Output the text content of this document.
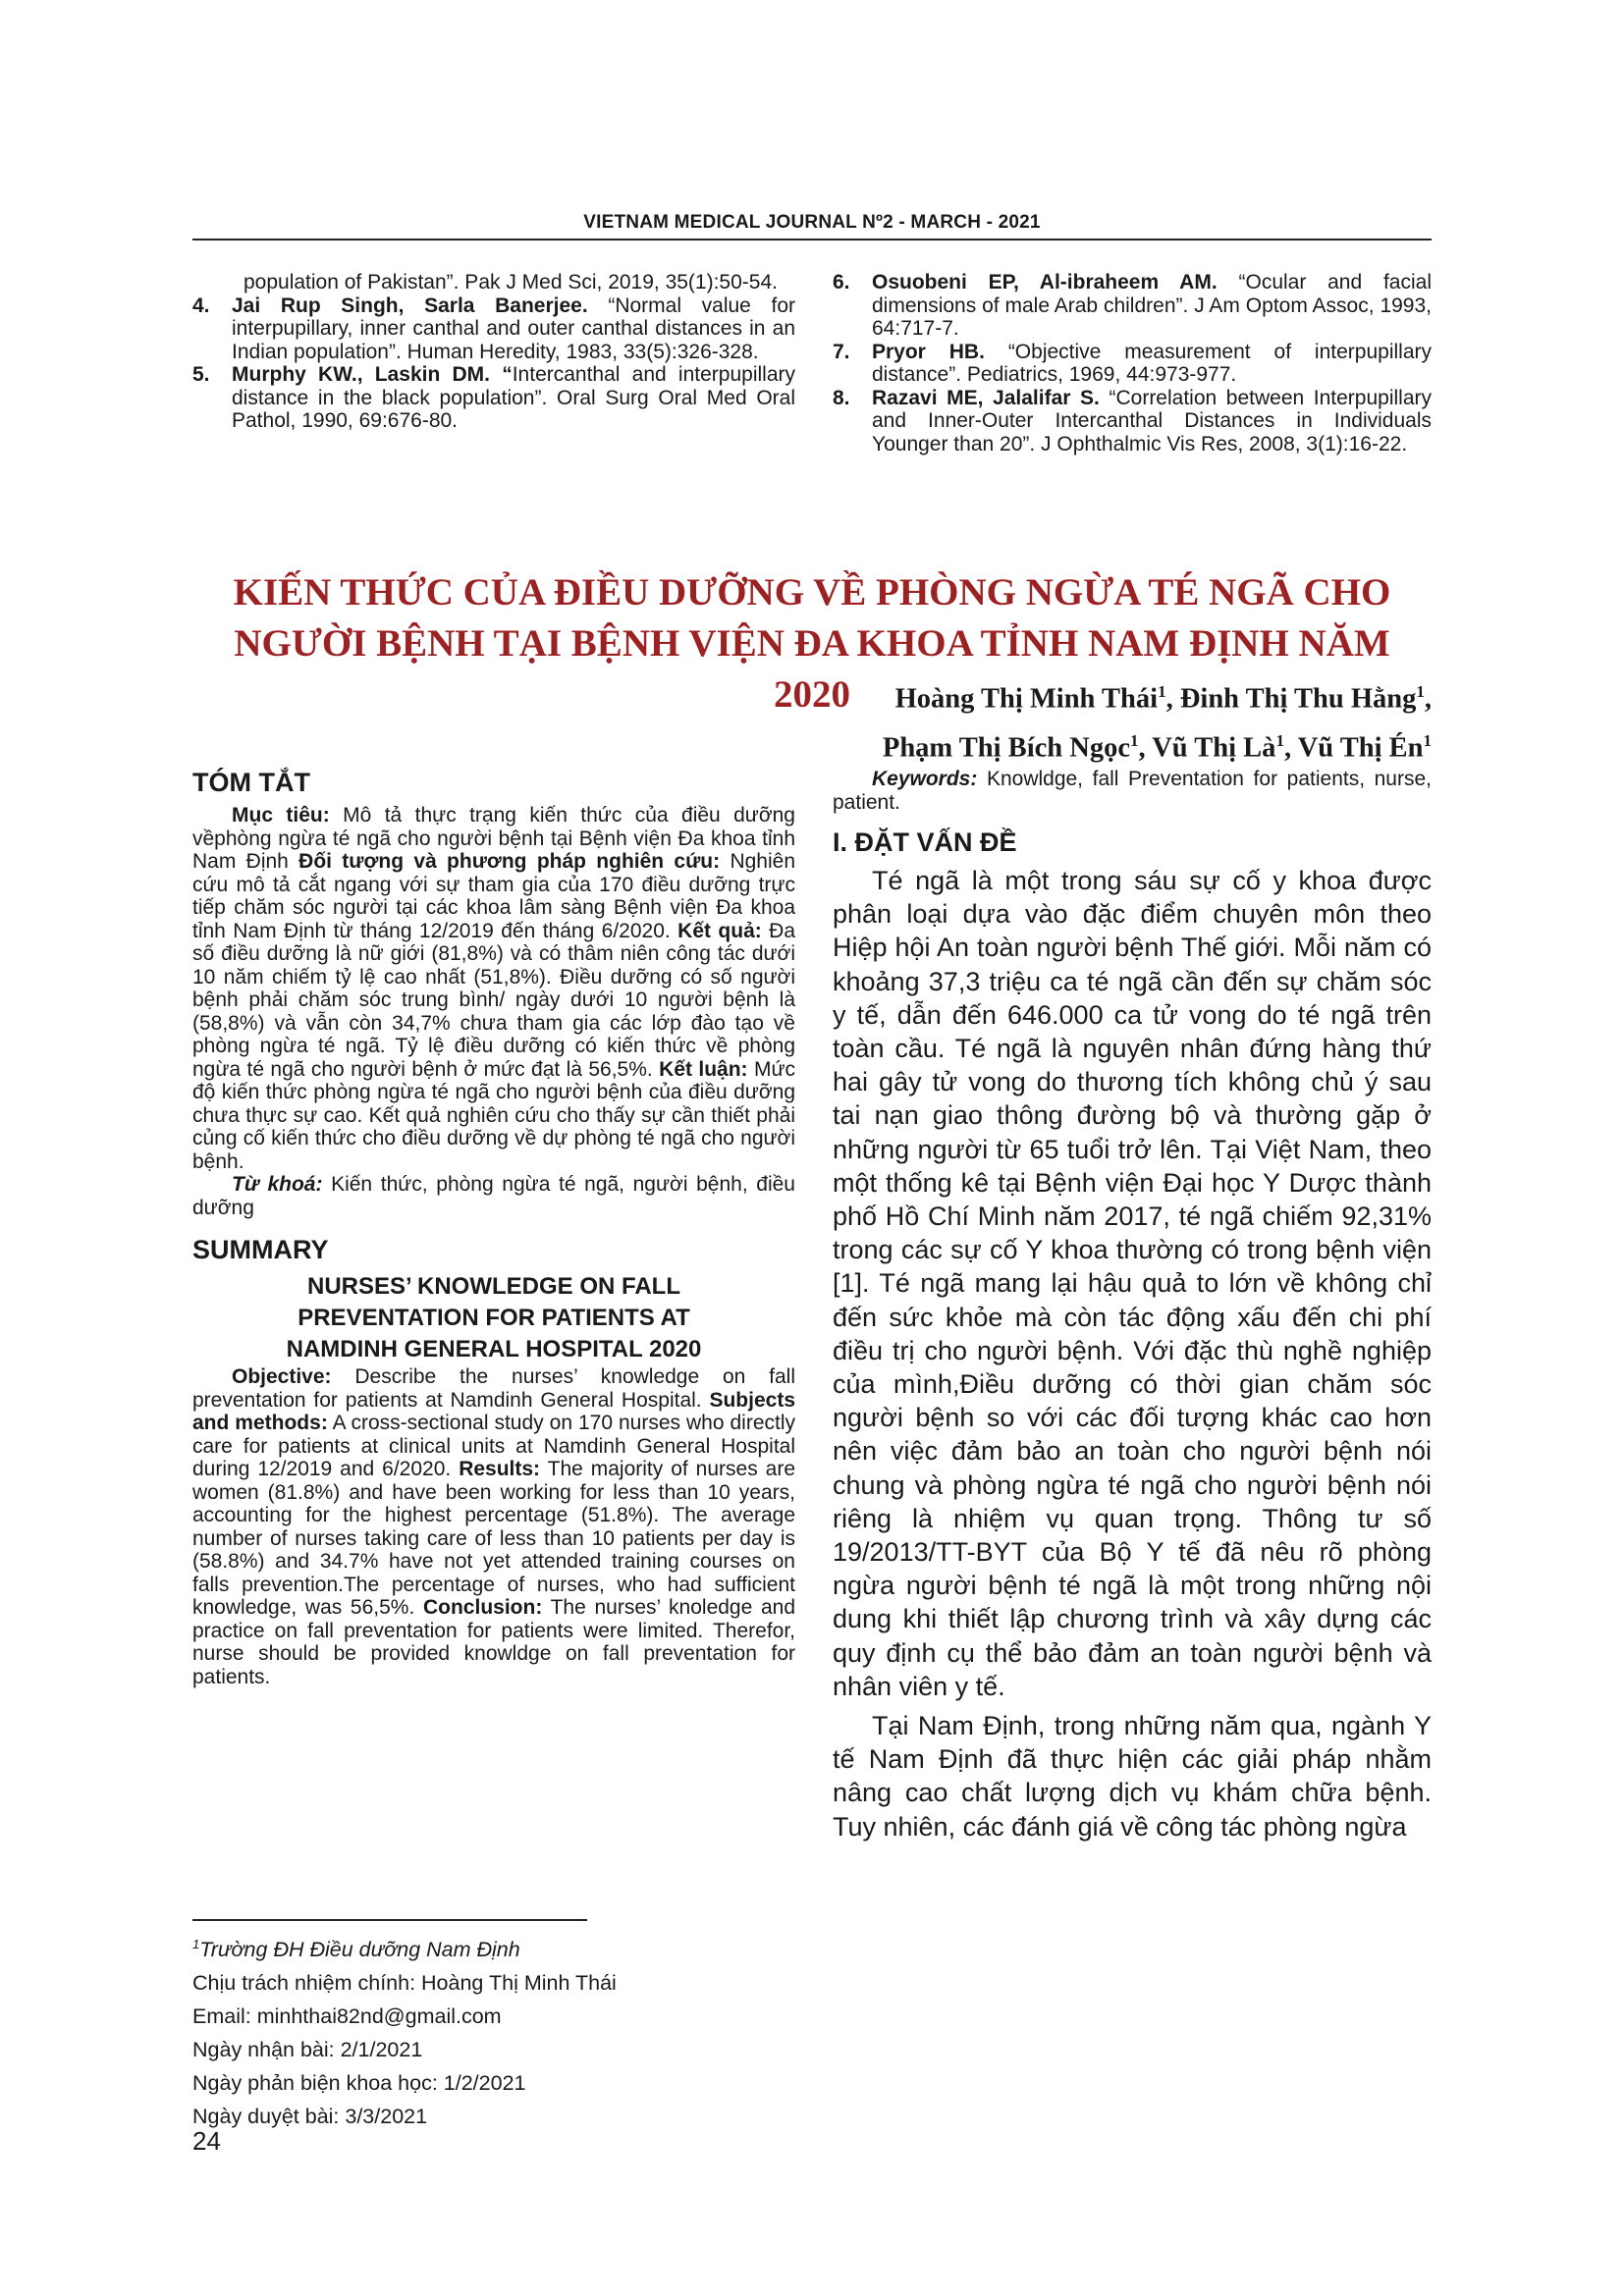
VIETNAM MEDICAL JOURNAL Nº2 - MARCH - 2021
population of Pakistan”. Pak J Med Sci, 2019, 35(1):50-54.
4.	Jai Rup Singh, Sarla Banerjee. “Normal value for interpupillary, inner canthal and outer canthal distances in an Indian population”. Human Heredity, 1983, 33(5):326-328.
5.	Murphy KW., Laskin DM. “Intercanthal and interpupillary distance in the black population”. Oral Surg Oral Med Oral Pathol, 1990, 69:676-80.
6.	Osuobeni EP, Al-ibraheem AM. “Ocular and facial dimensions of male Arab children”. J Am Optom Assoc, 1993, 64:717-7.
7.	Pryor HB. “Objective measurement of interpupillary distance”. Pediatrics, 1969, 44:973-977.
8.	Razavi ME, Jalalifar S. “Correlation between Interpupillary and Inner-Outer Intercanthal Distances in Individuals Younger than 20”. J Ophthalmic Vis Res, 2008, 3(1):16-22.
KIẾN THỨC CỦA ĐIỀU DƯỠNG VỀ PHÒNG NGỪA TÉ NGÃ CHO
NGƯỜI BỆNH TẠI BỆNH VIỆN ĐA KHOA TỈNH NAM ĐỊNH NĂM 2020	Hoàng Thị Minh Thái$^1$, Đinh Thị Thu Hằng$^1$,
Phạm Thị Bích Ngọc$^1$, Vũ Thị $Là^1$, Vũ Thị $Én^1$
TÓM TẮT

Mục tiêu: Mô tả thực trạng kiến thức của điều dưỡng vềphòng ngừa té ngã cho người bệnh tại Bệnh viện Đa khoa tỉnh Nam Định Đối tượng và phương pháp nghiên cứu: Nghiên cứu mô tả cắt ngang với sự tham gia của 170 điều dưỡng trực tiếp chăm sóc người tại các khoa lâm sàng Bệnh viện Đa khoa tỉnh Nam Định từ tháng 12/2019 đến tháng 6/2020. Kết quả: Đa số điều dưỡng là nữ giới (81,8%) và có thâm niên công tác dưới 10 năm chiếm tỷ lệ cao nhất (51,8%). Điều dưỡng có số người bệnh phải chăm sóc trung bình/ ngày dưới 10 người bệnh là (58,8%) và vẫn còn 34,7% chưa tham gia các lớp đào tạo về phòng ngừa té ngã. Tỷ lệ điều dưỡng có kiến thức về phòng ngừa té ngã cho người bệnh ở mức đạt là 56,5%. Kết luận: Mức độ kiến thức phòng ngừa té ngã cho người bệnh của điều dưỡng chưa thực sự cao. Kết quả nghiên cứu cho thấy sự cần thiết phải củng cố kiến thức cho điều dưỡng về dự phòng té ngã cho người bệnh.

Từ khoá: Kiến thức, phòng ngừa té ngã, người bệnh, điều dưỡng

SUMMARY
NURSES’ KNOWLEDGE ON FALL
PREVENTATION FOR PATIENTS AT
NAMDINH GENERAL HOSPITAL 2020

Objective: Describe the nurses’ knowledge on fall preventation for patients at Namdinh General Hospital. Subjects and methods: A cross-sectional study on 170 nurses who directly care for patients at clinical units at Namdinh General Hospital during 12/2019 and 6/2020. Results: The majority of nurses are women (81.8%) and have been working for less than 10 years, accounting for the highest percentage (51.8%). The average number of nurses taking care of less than 10 patients per day is (58.8%) and 34.7% have not yet attended training courses on falls prevention.The percentage of nurses, who had sufficient knowledge, was 56,5%. Conclusion: The nurses’ knoledge and practice on fall preventation for patients were limited. Therefor, nurse should be provided knowldge on fall preventation for patients.

Keywords: Knowldge, fall Preventation for patients, nurse, patient.

I. ĐẶT VẤN ĐỀ

Té ngã là một trong sáu sự cố y khoa được phân loại dựa vào đặc điểm chuyên môn theo Hiệp hội An toàn người bệnh Thế giới. Mỗi năm có khoảng 37,3 triệu ca té ngã cần đến sự chăm sóc y tế, dẫn đến 646.000 ca tử vong do té ngã trên toàn cầu. Té ngã là nguyên nhân đứng hàng thứ hai gây tử vong do thương tích không chủ ý sau tai nạn giao thông đường bộ và thường gặp ở những người từ 65 tuổi trở lên. Tại Việt Nam, theo một thống kê tại Bệnh viện Đại học Y Dược thành phố Hồ Chí Minh năm 2017, té ngã chiếm 92,31% trong các sự cố Y khoa thường có trong bệnh viện [1]. Té ngã mang lại hậu quả to lớn về không chỉ đến sức khỏe mà còn tác động xấu đến chi phí điều trị cho người bệnh. Với đặc thù nghề nghiệp của mình,Điều dưỡng có thời gian chăm sóc người bệnh so với các đối tượng khác cao hơn nên việc đảm bảo an toàn cho người bệnh nói chung và phòng ngừa té ngã cho người bệnh nói riêng là nhiệm vụ quan trọng. Thông tư số 19/2013/TT-BYT của Bộ Y tế đã nêu rõ phòng ngừa người bệnh té ngã là một trong những nội dung khi thiết lập chương trình và xây dựng các quy định cụ thể bảo đảm an toàn người bệnh và nhân viên y tế.

Tại Nam Định, trong những năm qua, ngành Y tế Nam Định đã thực hiện các giải pháp nhằm nâng cao chất lượng dịch vụ khám chữa bệnh. Tuy nhiên, các đánh giá về công tác phòng ngừa

$^1$Trường ĐH Điều dưỡng Nam Định
Chịu trách nhiệm chính: Hoàng Thị Minh Thái
Email: minhthai82nd@gmail.com
Ngày nhận bài: 2/1/2021
Ngày phản biện khoa học: 1/2/2021
Ngày duyệt bài: 3/3/2021
24
